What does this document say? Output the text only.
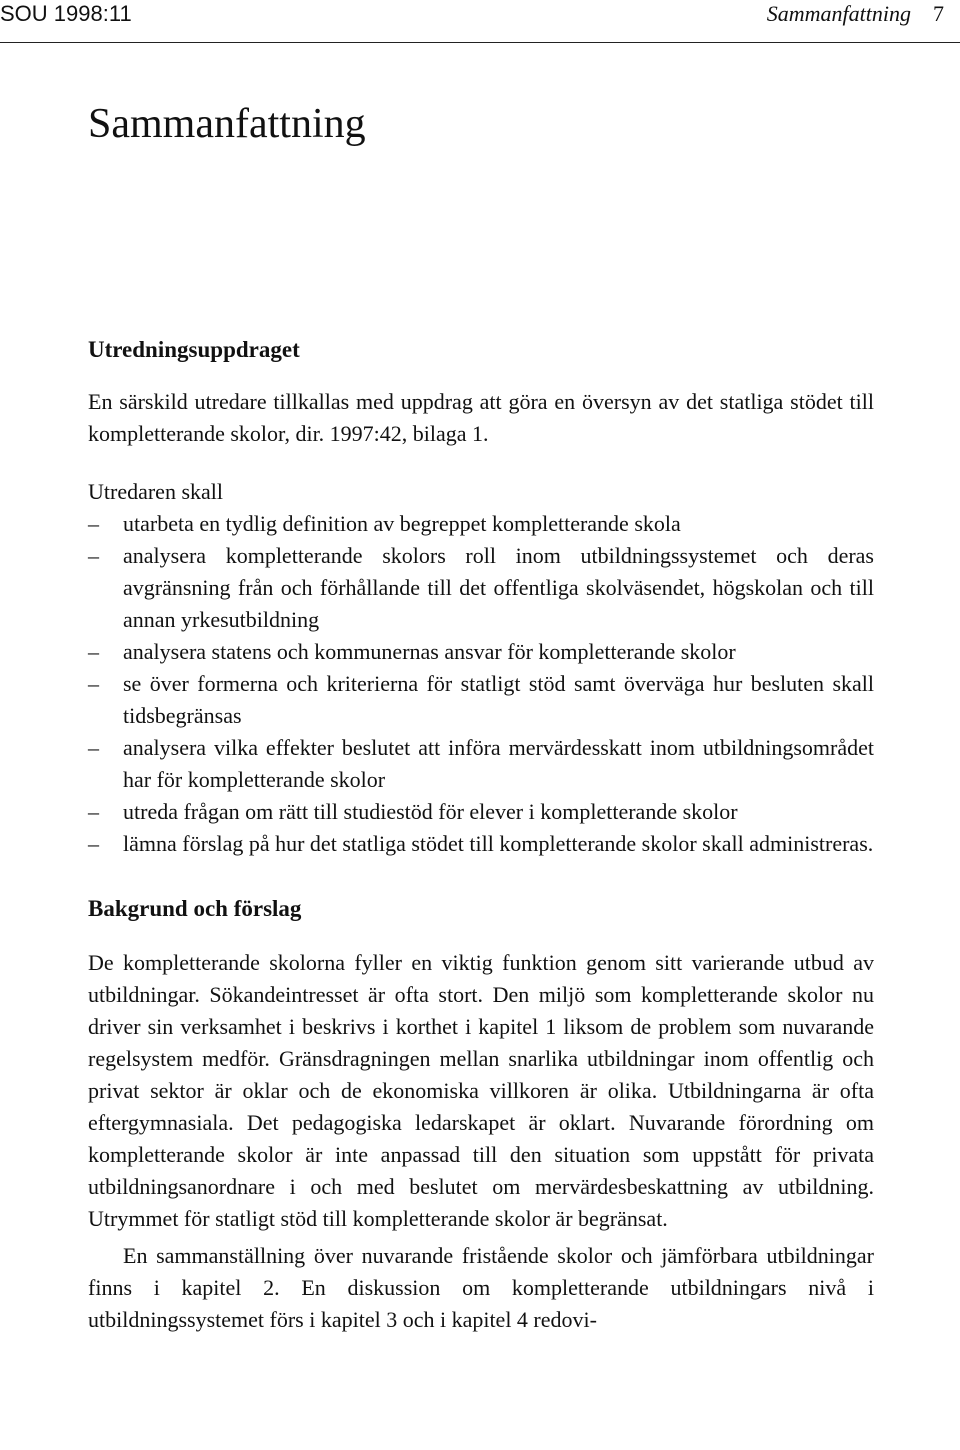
SOU 1998:11	Sammanfattning 7
Sammanfattning
Utredningsuppdraget

En särskild utredare tillkallas med uppdrag att göra en översyn av det statliga stödet till kompletterande skolor, dir. 1997:42, bilaga 1.

Utredaren skall

– utarbeta en tydlig definition av begreppet kompletterande skola
– analysera kompletterande skolors roll inom utbildningssystemet och deras avgränsning från och förhållande till det offentliga skolväsendet, högskolan och till annan yrkesutbildning
– analysera statens och kommunernas ansvar för kompletterande skolor
– se över formerna och kriterierna för statligt stöd samt överväga hur besluten skall tidsbegränsas
– analysera vilka effekter beslutet att införa mervärdesskatt inom utbildningsområdet har för kompletterande skolor
– utreda frågan om rätt till studiestöd för elever i kompletterande skolor
– lämna förslag på hur det statliga stödet till kompletterande skolor skall administreras.
Bakgrund och förslag

De kompletterande skolorna fyller en viktig funktion genom sitt varierande utbud av utbildningar. Sökandeintresset är ofta stort. Den miljö som kompletterande skolor nu driver sin verksamhet i beskrivs i korthet i kapitel 1 liksom de problem som nuvarande regelsystem medför. Gränsdragningen mellan snarlika utbildningar inom offentlig och privat sektor är oklar och de ekonomiska villkoren är olika. Utbildningarna är ofta eftergymnasiala. Det pedagogiska ledarskapet är oklart. Nuvarande förordning om kompletterande skolor är inte anpassad till den situation som uppstått för privata utbildningsanordnare i och med beslutet om mervärdesbeskattning av utbildning. Utrymmet för statligt stöd till kompletterande skolor är begränsat.

En sammanställning över nuvarande fristående skolor och jämförbara utbildningar finns i kapitel 2. En diskussion om kompletterande utbildningars nivå i utbildningssystemet förs i kapitel 3 och i kapitel 4 redovi-
